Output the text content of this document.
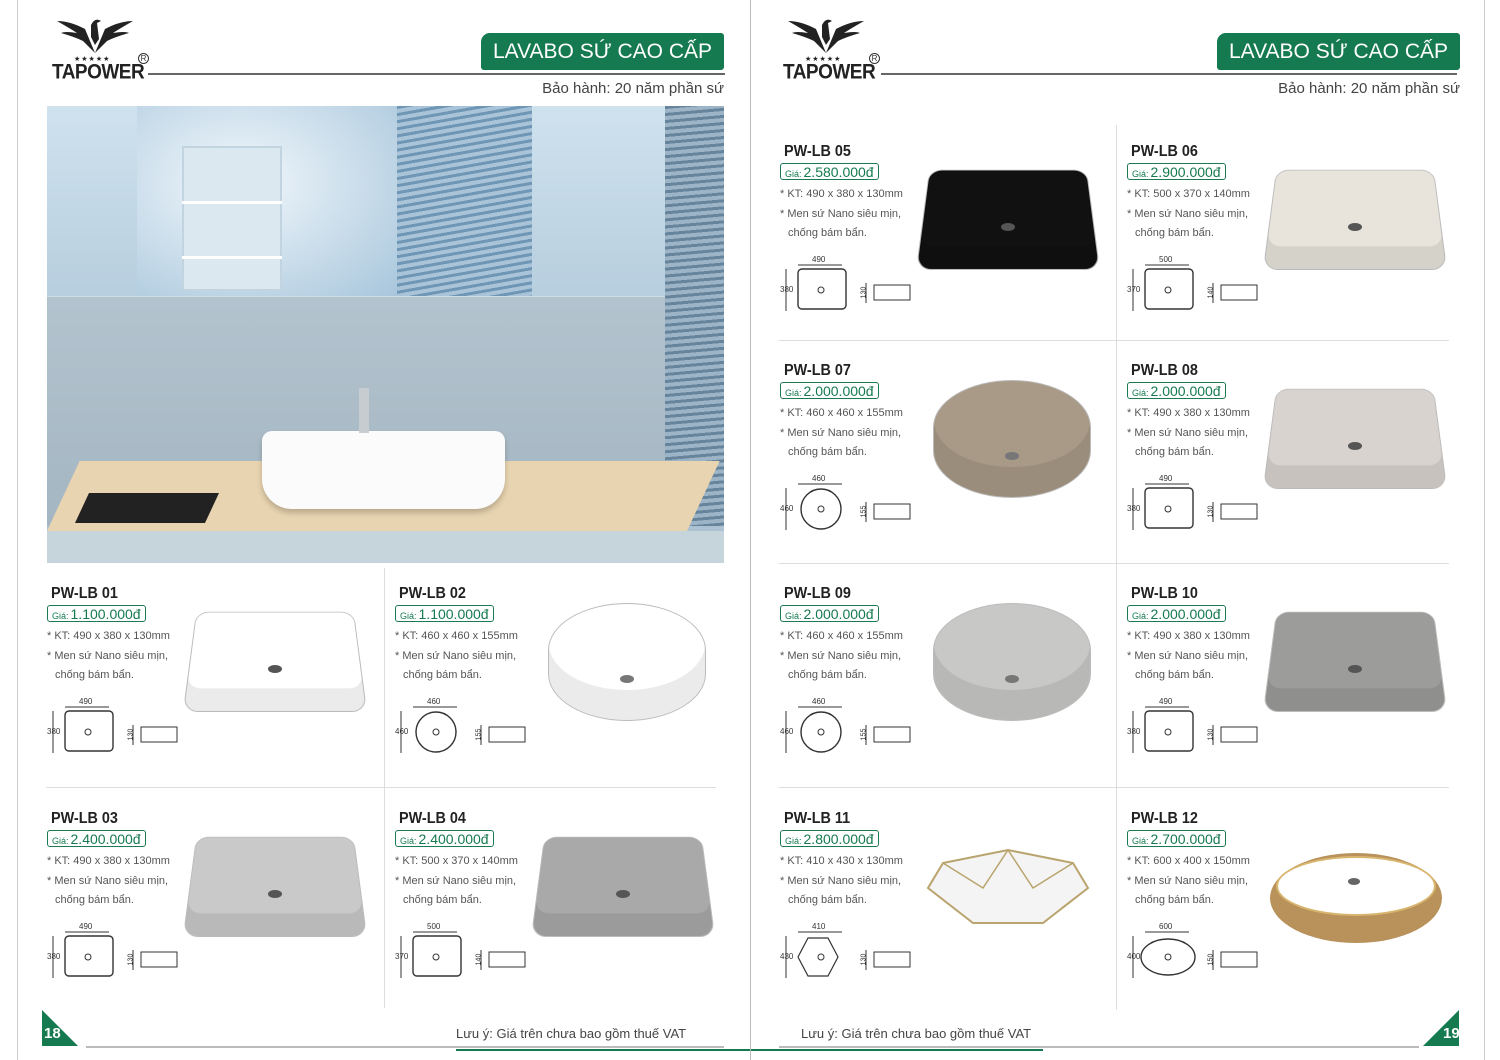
★★★★★
TAPOWER
R	LAVABO SỨ CAO CẤP
Bảo hành: 20 năm phần sứ
18	Lưu ý: Giá trên chưa bao gồm thuế VAT
★★★★★
TAPOWER
R	LAVABO SỨ CAO CẤP
Bảo hành: 20 năm phần sứ
19
Lưu ý: Giá trên chưa bao gồm thuế VAT
PW-LB 01
Giá: 1.100.000đ
* KT: 490 x 380 x 130mm
* Men sứ Nano siêu mịn,
chống bám bẩn.
490
380	130
PW-LB 02
Giá: 1.100.000đ
* KT: 460 x 460 x 155mm
* Men sứ Nano siêu mịn,
chống bám bẩn.
460
460	155
PW-LB 03
Giá: 2.400.000đ
* KT: 490 x 380 x 130mm
* Men sứ Nano siêu mịn,
chống bám bẩn.
490
380	130
PW-LB 04
Giá: 2.400.000đ
* KT: 500 x 370 x 140mm
* Men sứ Nano siêu mịn,
chống bám bẩn.
500
370	140
PW-LB 05
Giá: 2.580.000đ
* KT: 490 x 380 x 130mm
* Men sứ Nano siêu mịn,
chống bám bẩn.
490
380	130
PW-LB 06
Giá: 2.900.000đ
* KT: 500 x 370 x 140mm
* Men sứ Nano siêu mịn,
chống bám bẩn.
500
370	140
PW-LB 07
Giá: 2.000.000đ
* KT: 460 x 460 x 155mm
* Men sứ Nano siêu mịn,
chống bám bẩn.
460
460	155
PW-LB 08
Giá: 2.000.000đ
* KT: 490 x 380 x 130mm
* Men sứ Nano siêu mịn,
chống bám bẩn.
490
380	130
PW-LB 09
Giá: 2.000.000đ
* KT: 460 x 460 x 155mm
* Men sứ Nano siêu mịn,
chống bám bẩn.
460
460	155
PW-LB 10
Giá: 2.000.000đ
* KT: 490 x 380 x 130mm
* Men sứ Nano siêu mịn,
chống bám bẩn.
490
380	130
PW-LB 11
Giá: 2.800.000đ
* KT: 410 x 430 x 130mm
* Men sứ Nano siêu mịn,
chống bám bẩn.
410
430	130
PW-LB 12
Giá: 2.700.000đ
* KT: 600 x 400 x 150mm
* Men sứ Nano siêu mịn,
chống bám bẩn.
600
400	150
